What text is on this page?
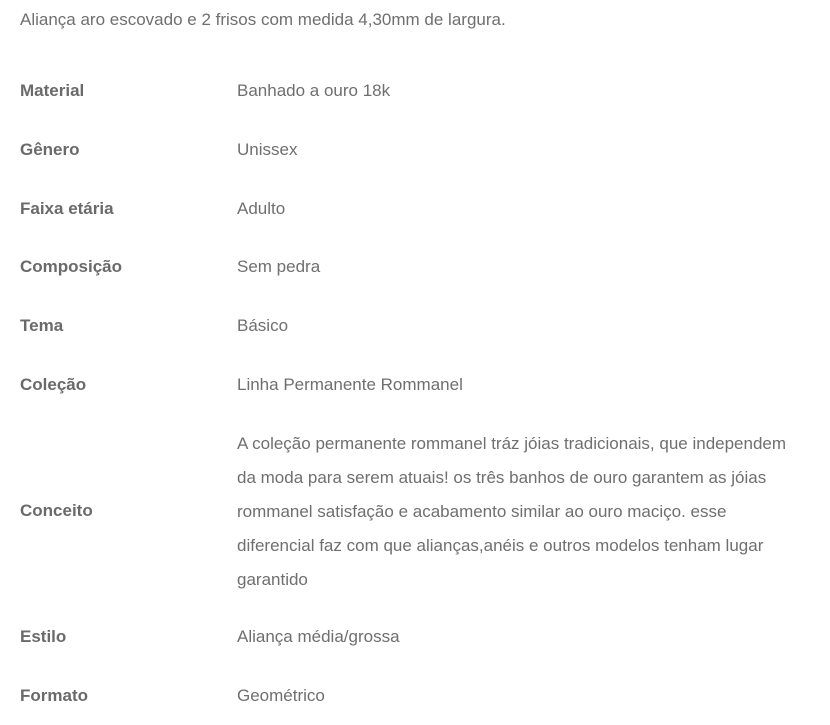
Aliança aro escovado e 2 frisos com medida 4,30mm de largura.
Material	Banhado a ouro 18k
Gênero	Unissex
Faixa etária	Adulto
Composição	Sem pedra
Tema	Básico
Coleção	Linha Permanente Rommanel
Conceito
A coleção permanente rommanel tráz jóias tradicionais, que independem
da moda para serem atuais! os três banhos de ouro garantem as jóias
rommanel satisfação e acabamento similar ao ouro maciço. esse
diferencial faz com que alianças,anéis e outros modelos tenham lugar
garantido
Estilo	Aliança média/grossa
Formato	Geométrico
